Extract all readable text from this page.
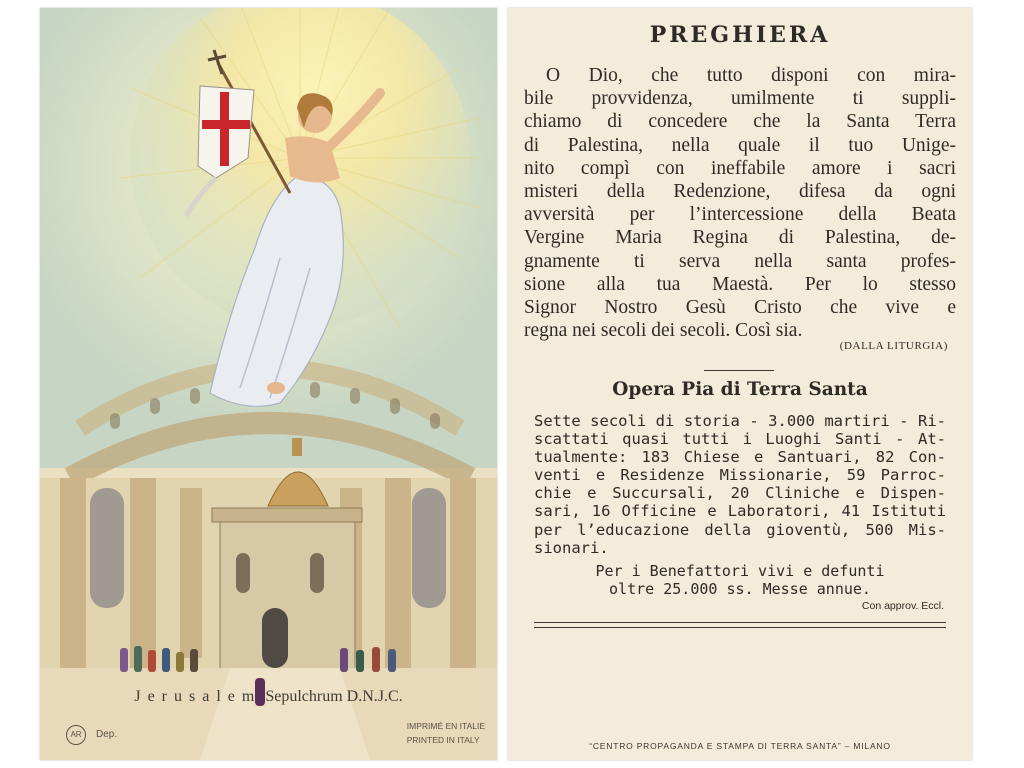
Jerusalem Sepulchrum D.N.J.C.
AR	Dep.
IMPRIMÉ EN ITALIE
PRINTED IN ITALY
PREGHIERA
O Dio, che tutto disponi con mira-
bile provvidenza, umilmente ti suppli-
chiamo di concedere che la Santa Terra
di Palestina, nella quale il tuo Unige-
nito compì con ineffabile amore i sacri
misteri della Redenzione, difesa da ogni
avversità per l’intercessione della Beata
Vergine Maria Regina di Palestina, de-
gnamente ti serva nella santa profes-
sione alla tua Maestà. Per lo stesso
Signor Nostro Gesù Cristo che vive e
regna nei secoli dei secoli. Così sia.
(DALLA LITURGIA)
Opera Pia di Terra Santa
Sette secoli di storia - 3.000 martiri - Ri-
scattati quasi tutti i Luoghi Santi - At-
tualmente: 183 Chiese e Santuari, 82 Con-
venti e Residenze Missionarie, 59 Parroc-
chie e Succursali, 20 Cliniche e Dispen-
sari, 16 Officine e Laboratori, 41 Istituti
per l’educazione della gioventù, 500 Mis-
sionari.
Per i Benefattori vivi e defunti
oltre 25.000 ss. Messe annue.
Con approv. Eccl.
“CENTRO PROPAGANDA E STAMPA DI TERRA SANTA” – MILANO
